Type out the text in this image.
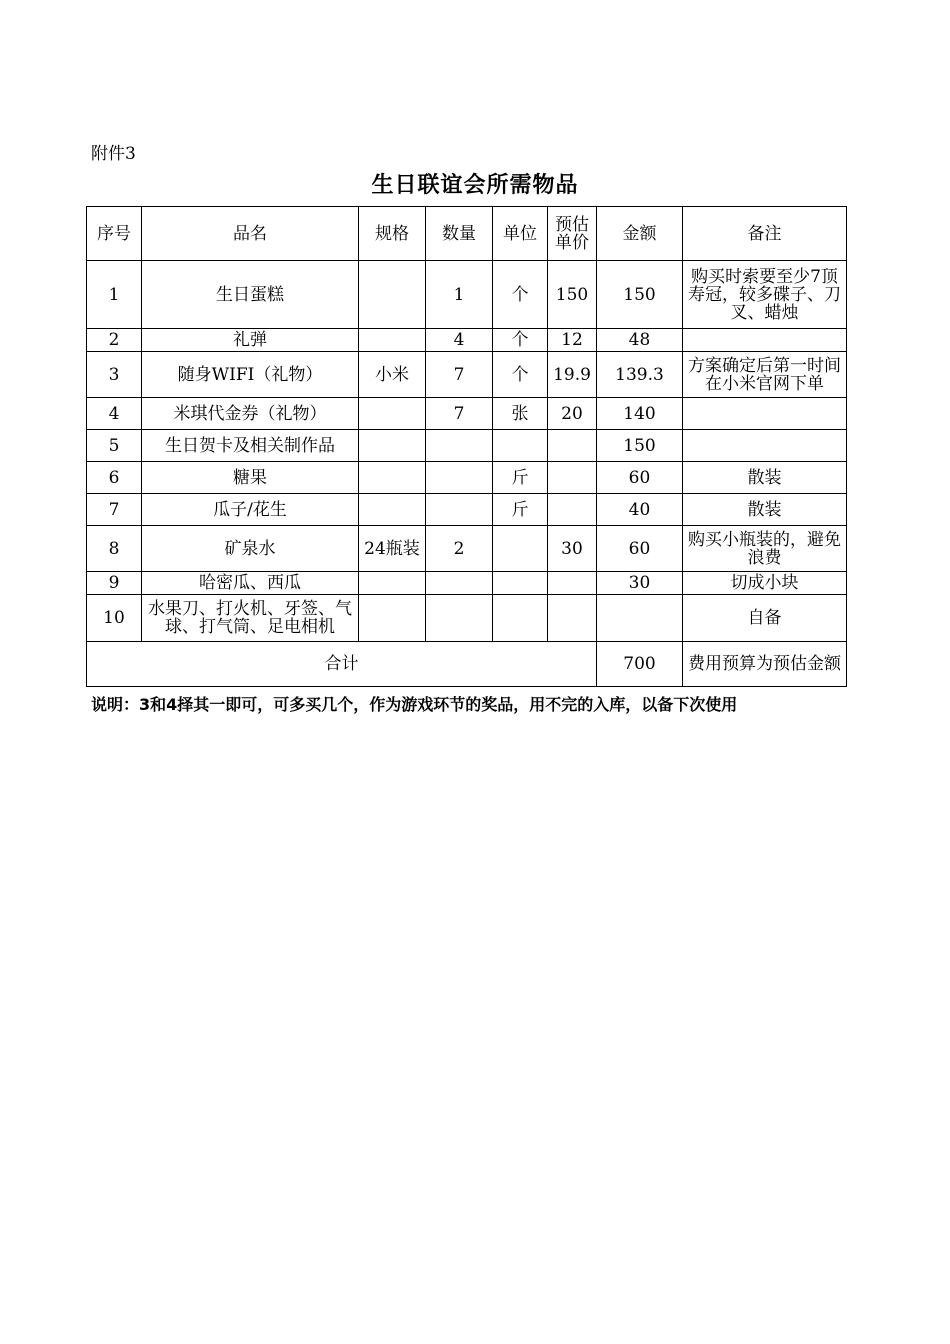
附件3
生日联谊会所需物品
序号	品名	规格	数量	单位	预估单价	金额	备注
1	生日蛋糕		1	个	150	150	购买时索要至少7顶寿冠，较多碟子、刀叉、蜡烛
2	礼弹		4	个	12	48	
3	随身WIFI（礼物）	小米	7	个	19.9	139.3	方案确定后第一时间在小米官网下单
4	米琪代金券（礼物）		7	张	20	140	
5	生日贺卡及相关制作品					150	
6	糖果			斤		60	散装
7	瓜子/花生			斤		40	散装
8	矿泉水	24瓶装	2		30	60	购买小瓶装的，避免浪费
9	哈密瓜、西瓜					30	切成小块
10	水果刀、打火机、牙签、气球、打气筒、足电相机						自备
合计						700	费用预算为预估金额
说明：3和4择其一即可，可多买几个，作为游戏环节的奖品，用不完的入库，以备下次使用
